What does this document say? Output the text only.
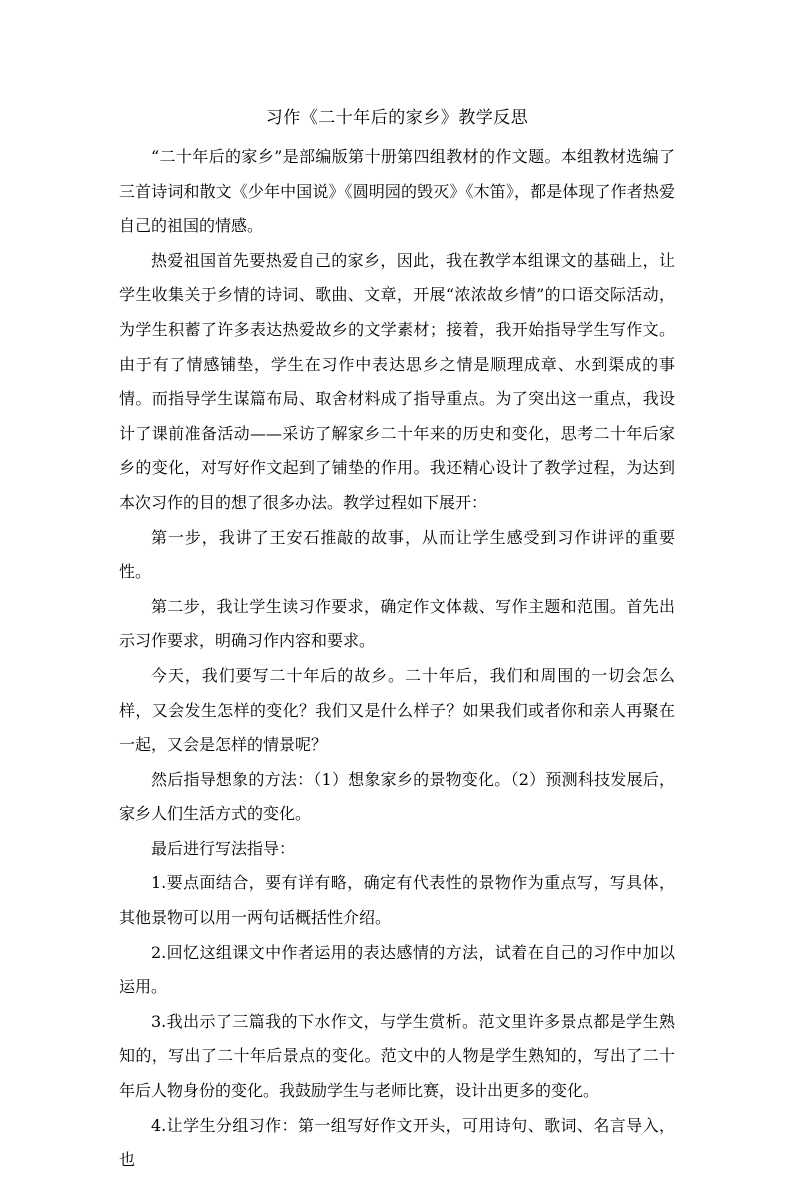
习作《二十年后的家乡》教学反思

“二十年后的家乡”是部编版第十册第四组教材的作文题。本组教材选编了三首诗词和散文《少年中国说》《圆明园的毁灭》《木笛》，都是体现了作者热爱自己的祖国的情感。

热爱祖国首先要热爱自己的家乡，因此，我在教学本组课文的基础上，让学生收集关于乡情的诗词、歌曲、文章，开展“浓浓故乡情”的口语交际活动，为学生积蓄了许多表达热爱故乡的文学素材；接着，我开始指导学生写作文。由于有了情感铺垫，学生在习作中表达思乡之情是顺理成章、水到渠成的事情。而指导学生谋篇布局、取舍材料成了指导重点。为了突出这一重点，我设计了课前准备活动——采访了解家乡二十年来的历史和变化，思考二十年后家乡的变化，对写好作文起到了铺垫的作用。我还精心设计了教学过程，为达到本次习作的目的想了很多办法。教学过程如下展开：

第一步，我讲了王安石推敲的故事，从而让学生感受到习作讲评的重要性。

第二步，我让学生读习作要求，确定作文体裁、写作主题和范围。首先出示习作要求，明确习作内容和要求。

今天，我们要写二十年后的故乡。二十年后，我们和周围的一切会怎么样，又会发生怎样的变化？我们又是什么样子？如果我们或者你和亲人再聚在一起，又会是怎样的情景呢？

然后指导想象的方法：（1）想象家乡的景物变化。（2）预测科技发展后，家乡人们生活方式的变化。

最后进行写法指导：

1.要点面结合，要有详有略，确定有代表性的景物作为重点写，写具体，其他景物可以用一两句话概括性介绍。

2.回忆这组课文中作者运用的表达感情的方法，试着在自己的习作中加以运用。

3.我出示了三篇我的下水作文，与学生赏析。范文里许多景点都是学生熟知的，写出了二十年后景点的变化。范文中的人物是学生熟知的，写出了二十年后人物身份的变化。我鼓励学生与老师比赛，设计出更多的变化。

4.让学生分组习作：第一组写好作文开头，可用诗句、歌词、名言导入，也
